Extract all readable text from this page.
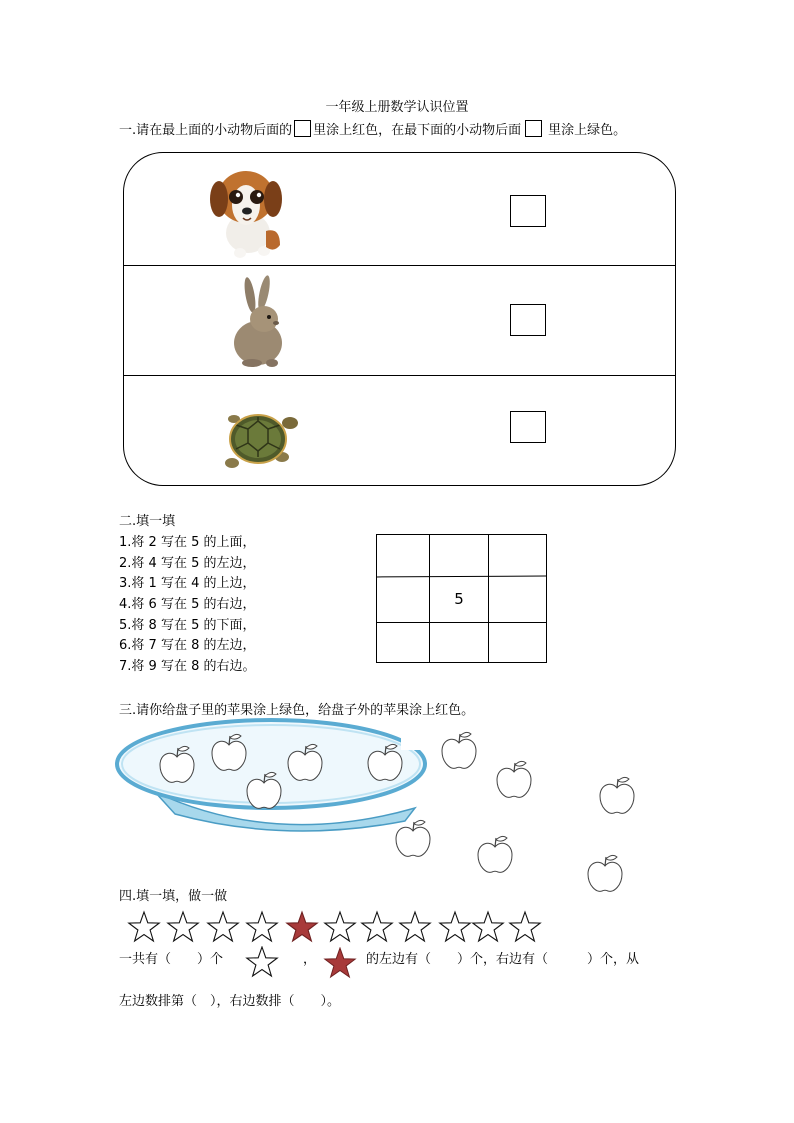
一年级上册数学认识位置
一.请在最上面的小动物后面的 里涂上红色，在最下面的小动物后面 里涂上绿色。
二.填一填
1.将 2 写在 5 的上面，
2.将 4 写在 5 的左边，
3.将 1 写在 4 的上边，
4.将 6 写在 5 的右边，
5.将 8 写在 5 的下面，
6.将 7 写在 8 的左边，
7.将 9 写在 8 的右边。
5
三.请你给盘子里的苹果涂上绿色，给盘子外的苹果涂上红色。
四.填一填，做一做
一共有（　　）个	，	的左边有（　　）个，右边有（　　　）个，从
左边数排第（　），右边数排（　　）。
